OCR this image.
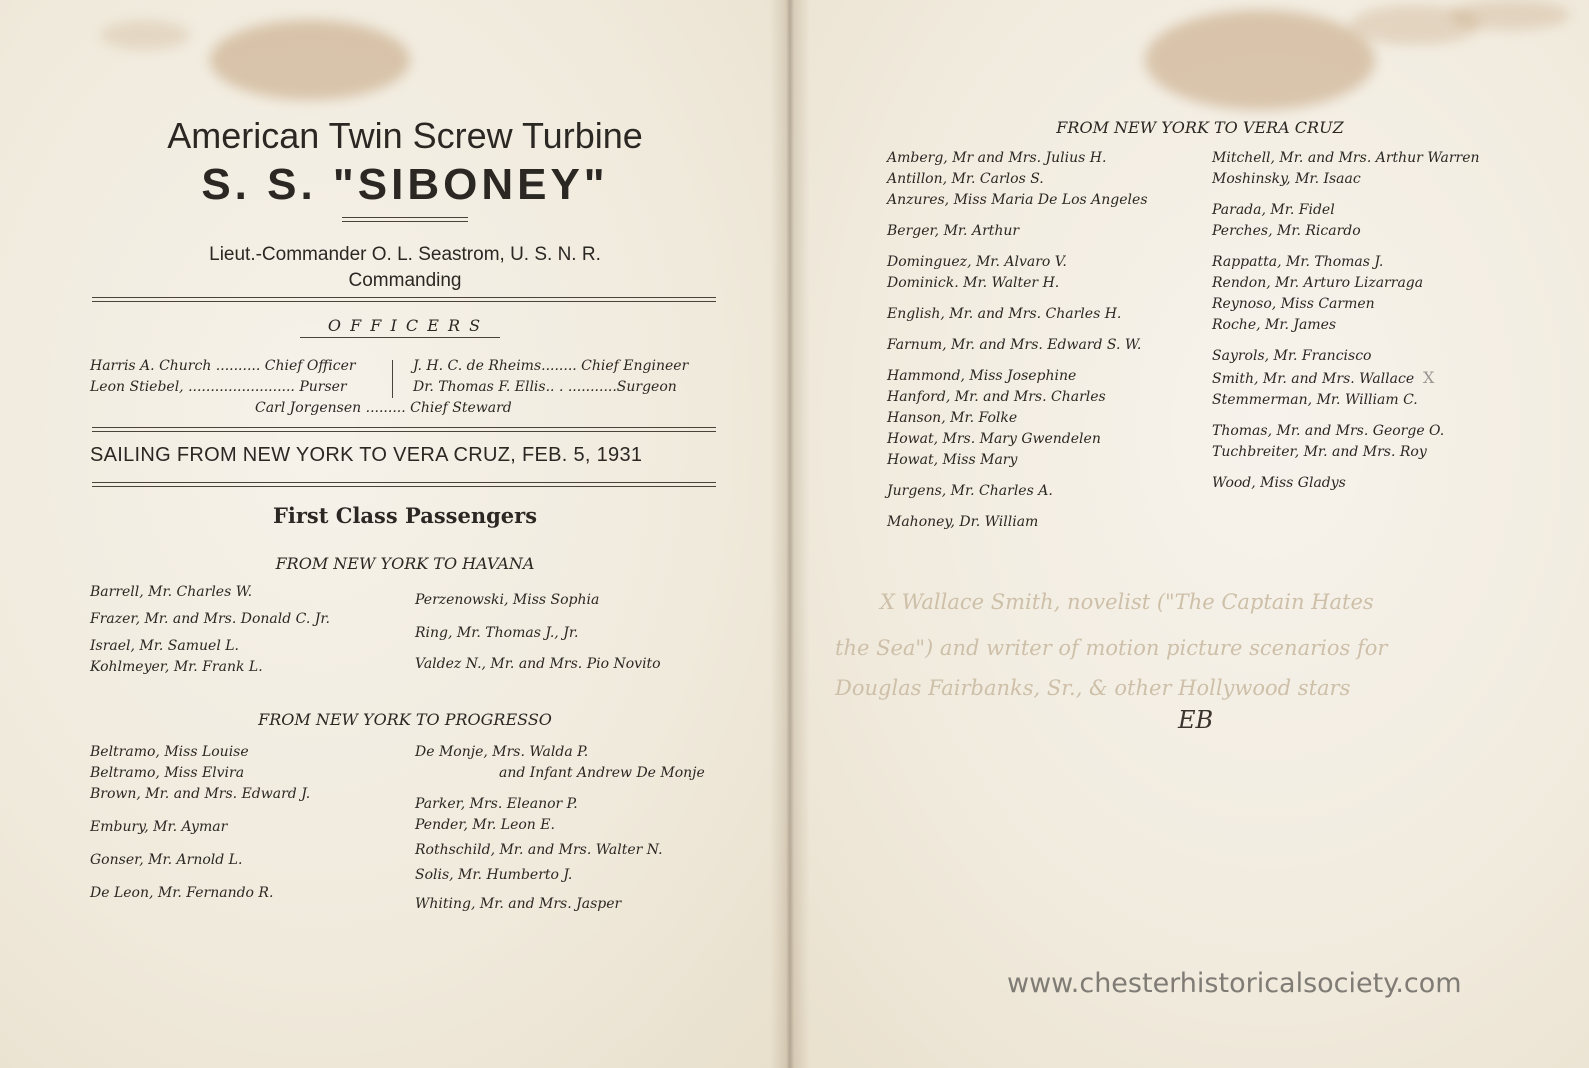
American Twin Screw Turbine
S. S. "SIBONEY"
Lieut.-Commander O. L. Seastrom, U. S. N. R.
Commanding
O F F I C E R S
Harris A. Church .......... Chief Officer
Leon Stiebel, ........................ Purser
J. H. C. de Rheims........ Chief Engineer
Dr. Thomas F. Ellis.. . ...........Surgeon
Carl Jorgensen ......... Chief Steward
SAILING FROM NEW YORK TO VERA CRUZ, FEB. 5, 1931
First Class Passengers
FROM NEW YORK TO HAVANA
Barrell, Mr. Charles W.
Frazer, Mr. and Mrs. Donald C. Jr.
Israel, Mr. Samuel L.
Kohlmeyer, Mr. Frank L.
Perzenowski, Miss Sophia
Ring, Mr. Thomas J., Jr.
Valdez N., Mr. and Mrs. Pio Novito
FROM NEW YORK TO PROGRESSO
Beltramo, Miss Louise
Beltramo, Miss Elvira
Brown, Mr. and Mrs. Edward J.
Embury, Mr. Aymar
Gonser, Mr. Arnold L.
De Leon, Mr. Fernando R.
De Monje, Mrs. Walda P.
and Infant Andrew De Monje
Parker, Mrs. Eleanor P.
Pender, Mr. Leon E.
Rothschild, Mr. and Mrs. Walter N.
Solis, Mr. Humberto J.
Whiting, Mr. and Mrs. Jasper
FROM NEW YORK TO VERA CRUZ
Amberg, Mr and Mrs. Julius H.
Antillon, Mr. Carlos S.
Anzures, Miss Maria De Los Angeles
Berger, Mr. Arthur
Dominguez, Mr. Alvaro V.
Dominick. Mr. Walter H.
English, Mr. and Mrs. Charles H.
Farnum, Mr. and Mrs. Edward S. W.
Hammond, Miss Josephine
Hanford, Mr. and Mrs. Charles
Hanson, Mr. Folke
Howat, Mrs. Mary Gwendelen
Howat, Miss Mary
Jurgens, Mr. Charles A.
Mahoney, Dr. William
Mitchell, Mr. and Mrs. Arthur Warren
Moshinsky, Mr. Isaac
Parada, Mr. Fidel
Perches, Mr. Ricardo
Rappatta, Mr. Thomas J.
Rendon, Mr. Arturo Lizarraga
Reynoso, Miss Carmen
Roche, Mr. James
Sayrols, Mr. Francisco
Smith, Mr. and Mrs. Wallace X
Stemmerman, Mr. William C.
Thomas, Mr. and Mrs. George O.
Tuchbreiter, Mr. and Mrs. Roy
Wood, Miss Gladys
X Wallace Smith, novelist ("The Captain Hates
the Sea") and writer of motion picture scenarios for
Douglas Fairbanks, Sr., & other Hollywood stars
EB
www.chesterhistoricalsociety.com
